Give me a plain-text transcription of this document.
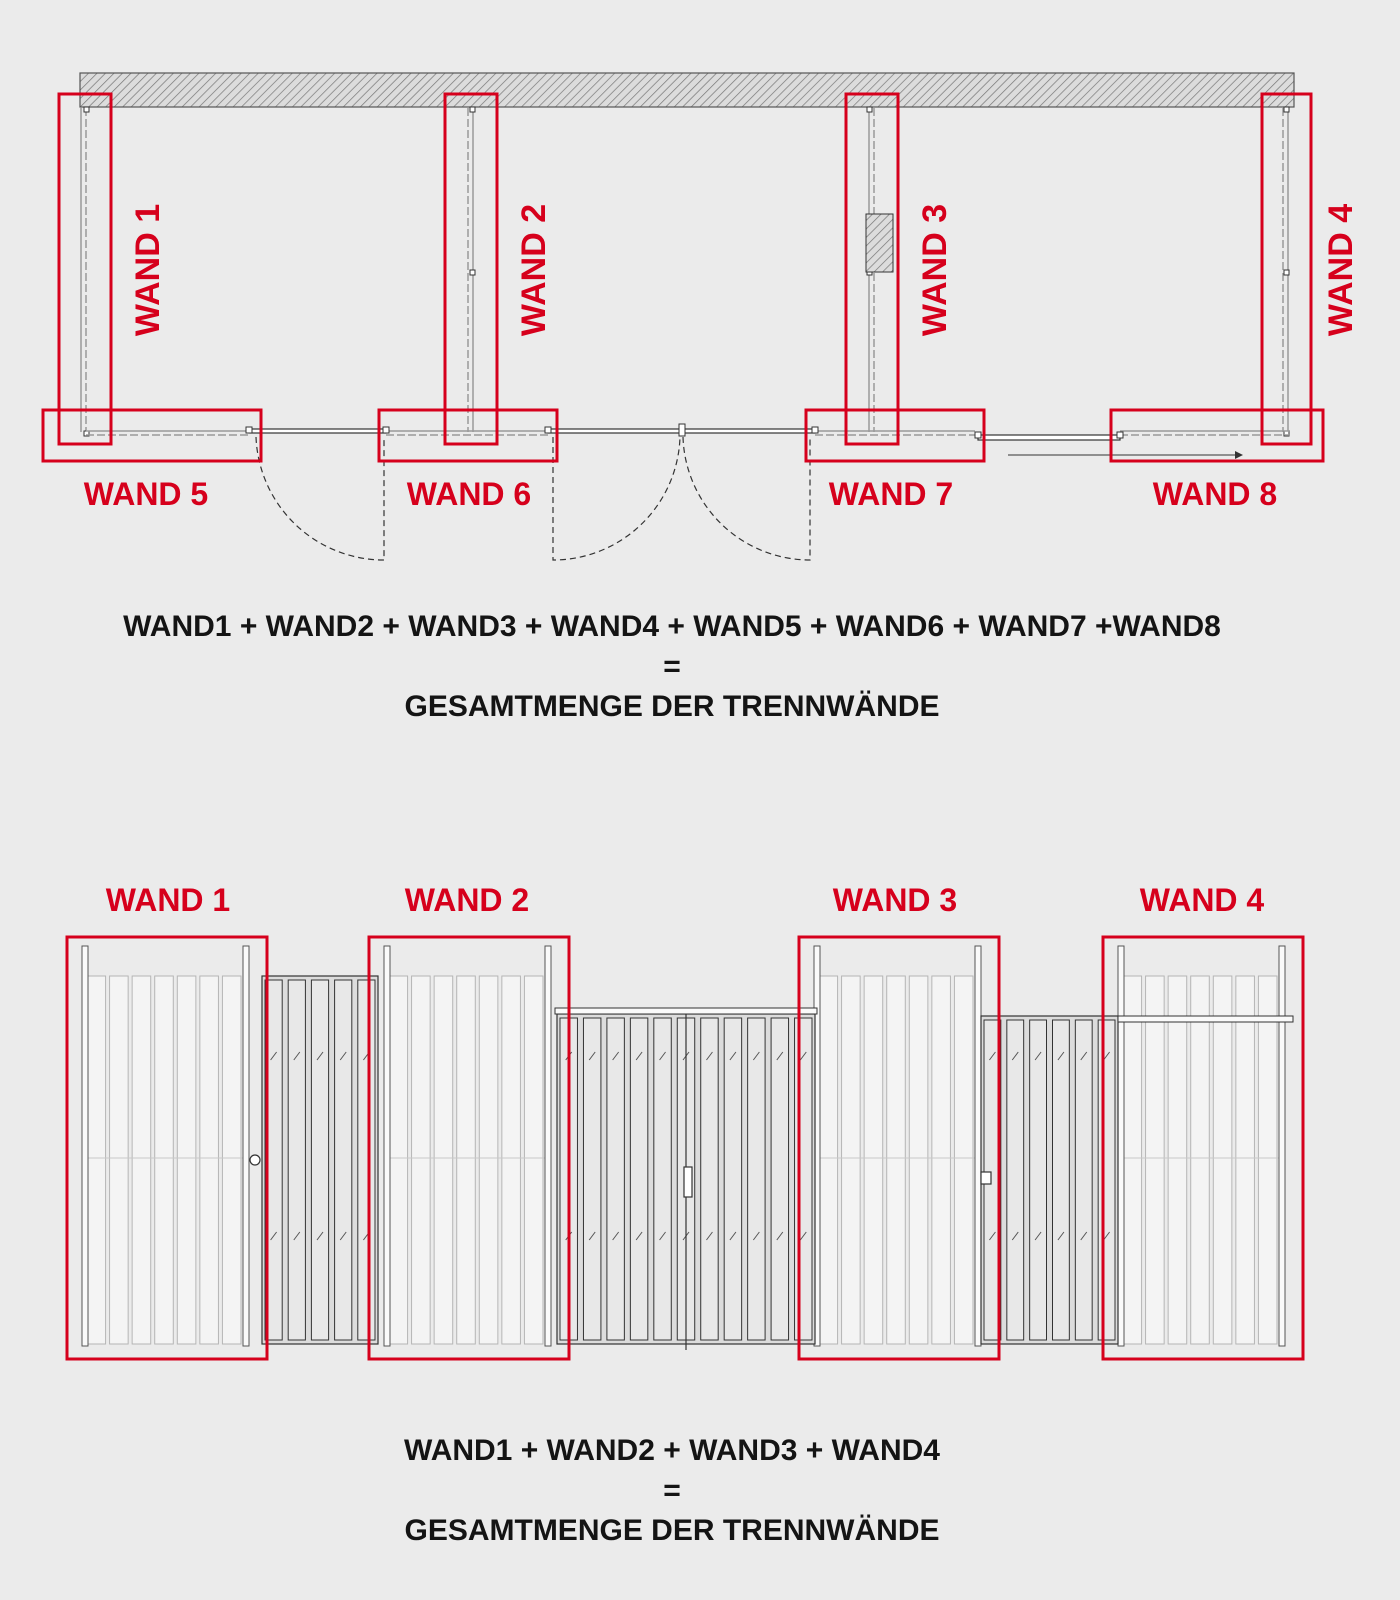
WAND 1	WAND 2	WAND 3	WAND 4
WAND 5	WAND 6	WAND 7	WAND 8
WAND1 + WAND2 + WAND3 + WAND4 + WAND5 + WAND6 + WAND7 +WAND8
=
GESAMTMENGE DER TRENNWÄNDE
WAND 1	WAND 2	WAND 3	WAND 4
WAND1 + WAND2 + WAND3 + WAND4
=
GESAMTMENGE DER TRENNWÄNDE
